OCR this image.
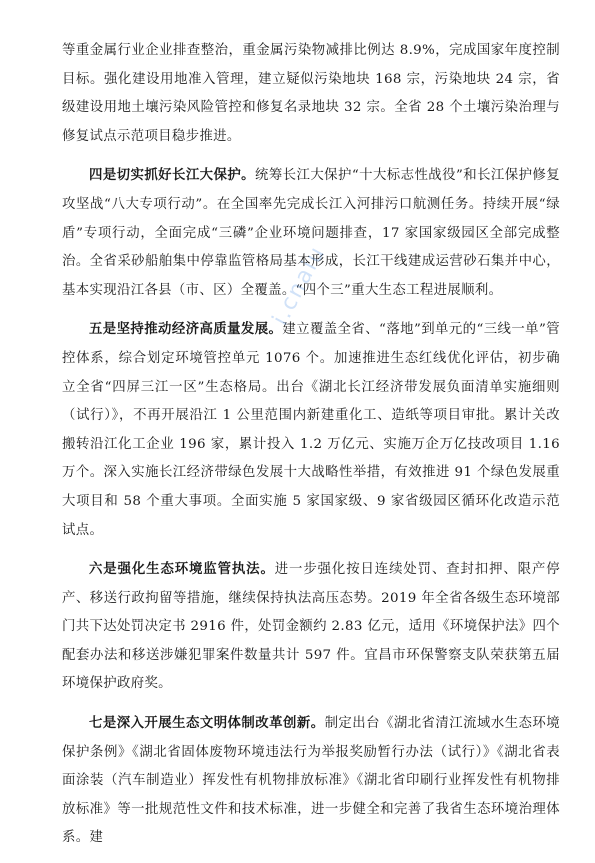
等重金属行业企业排查整治，重金属污染物减排比例达 8.9%，完成国家年度控制目标。强化建设用地准入管理，建立疑似污染地块 168 宗，污染地块 24 宗，省级建设用地土壤污染风险管控和修复名录地块 32 宗。全省 28 个土壤污染治理与修复试点示范项目稳步推进。

四是切实抓好长江大保护。统筹长江大保护“十大标志性战役”和长江保护修复攻坚战“八大专项行动”。在全国率先完成长江入河排污口航测任务。持续开展“绿盾”专项行动，全面完成“三磷”企业环境问题排查，17 家国家级园区全部完成整治。全省采砂船舶集中停靠监管格局基本形成，长江干线建成运营砂石集并中心，基本实现沿江各县（市、区）全覆盖。“四个三”重大生态工程进展顺利。

五是坚持推动经济高质量发展。建立覆盖全省、“落地”到单元的“三线一单”管控体系，综合划定环境管控单元 1076 个。加速推进生态红线优化评估，初步确立全省“四屏三江一区”生态格局。出台《湖北长江经济带发展负面清单实施细则（试行）》，不再开展沿江 1 公里范围内新建重化工、造纸等项目审批。累计关改搬转沿江化工企业 196 家，累计投入 1.2 万亿元、实施万企万亿技改项目 1.16 万个。深入实施长江经济带绿色发展十大战略性举措，有效推进 91 个绿色发展重大项目和 58 个重大事项。全面实施 5 家国家级、9 家省级园区循环化改造示范试点。

六是强化生态环境监管执法。进一步强化按日连续处罚、查封扣押、限产停产、移送行政拘留等措施，继续保持执法高压态势。2019 年全省各级生态环境部门共下达处罚决定书 2916 件，处罚金额约 2.83 亿元，适用《环境保护法》四个配套办法和移送涉嫌犯罪案件数量共计 597 件。宜昌市环保警察支队荣获第五届环境保护政府奖。

七是深入开展生态文明体制改革创新。制定出台《湖北省清江流域水生态环境保护条例》《湖北省固体废物环境违法行为举报奖励暂行办法（试行）》《湖北省表面涂装（汽车制造业）挥发性有机物排放标准》《湖北省印刷行业挥发性有机物排放标准》等一批规范性文件和技术标准，进一步健全和完善了我省生态环境治理体系。建

i.cnaiu
